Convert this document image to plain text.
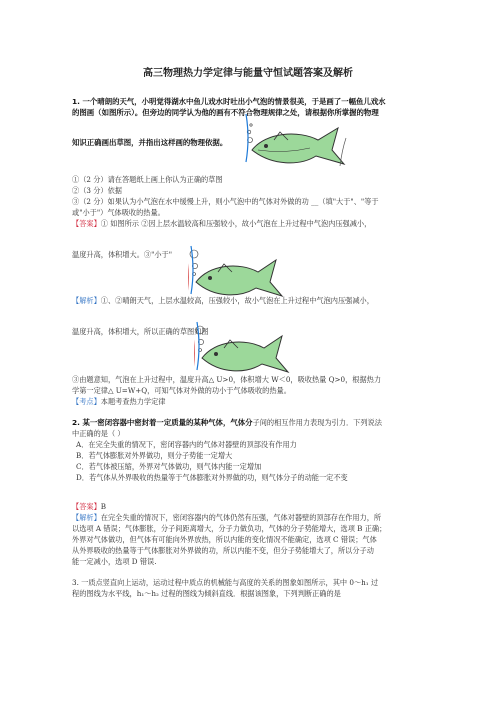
高三物理热力学定律与能量守恒试题答案及解析
1. 一个晴朗的天气，小明觉得湖水中鱼儿戏水时吐出小气泡的情景很美，于是画了一幅鱼儿戏水
的图画（如图所示）。但旁边的同学认为他的画有不符合物理规律之处，请根据你所掌握的物理
知识正确画出草图，并指出这样画的物理依据。
①（2 分）请在答题纸上画上你认为正确的草图
②（3 分）依据
③（2 分）如果认为小气泡在水中缓慢上升，则小气泡中的气体对外做的功 __（填"大于"、"等于
或"小于"）气体吸收的热量。
【答案】① 如图所示 ②因上层水温较高和压强较小，故小气泡在上升过程中气泡内压强减小，
温度升高，体积增大。③"小于"
【解析】①、②晴朗天气，上层水温较高，压强较小，故小气泡在上升过程中气泡内压强减小，
温度升高，体积增大，所以正确的草图如图
③由题意知，气泡在上升过程中，温度升高△ U>0，体积增大 W＜0，吸收热量 Q>0，根据热力
学第一定律△ U=W+Q，可知气体对外做的功小于气体吸收的热量。
【考点】本题考查热力学定律
2. 某一密闭容器中密封着一定质量的某种气体，气体分子间的相互作用力表现为引力．下列说法
中正确的是（ ）
A．在完全失重的情况下，密闭容器内的气体对器壁的顶部没有作用力
B．若气体膨胀对外界做功，则分子势能一定增大
C．若气体被压缩，外界对气体做功，则气体内能一定增加
D．若气体从外界吸收的热量等于气体膨胀对外界做的功，则气体分子的动能一定不变
【答案】B
【解析】在完全失重的情况下，密闭容器内的气体仍然有压强，气体对器壁的顶部存在作用力，所
以选项 A 错误；气体膨胀，分子间距离增大，分子力做负功，气体的分子势能增大，选项 B 正确；
外界对气体做功，但气体有可能向外界放热，所以内能的变化情况不能确定，选项 C 错误；气体
从外界吸收的热量等于气体膨胀对外界做的功，所以内能不变，但分子势能增大了，所以分子动
能一定减小，选项 D 错误.
3. 一质点竖直向上运动，运动过程中质点的机械能与高度的关系的图象如图所示，其中 0～h₁ 过
程的图线为水平线，h₁～h₂ 过程的图线为倾斜直线．根据该图象，下列判断正确的是
